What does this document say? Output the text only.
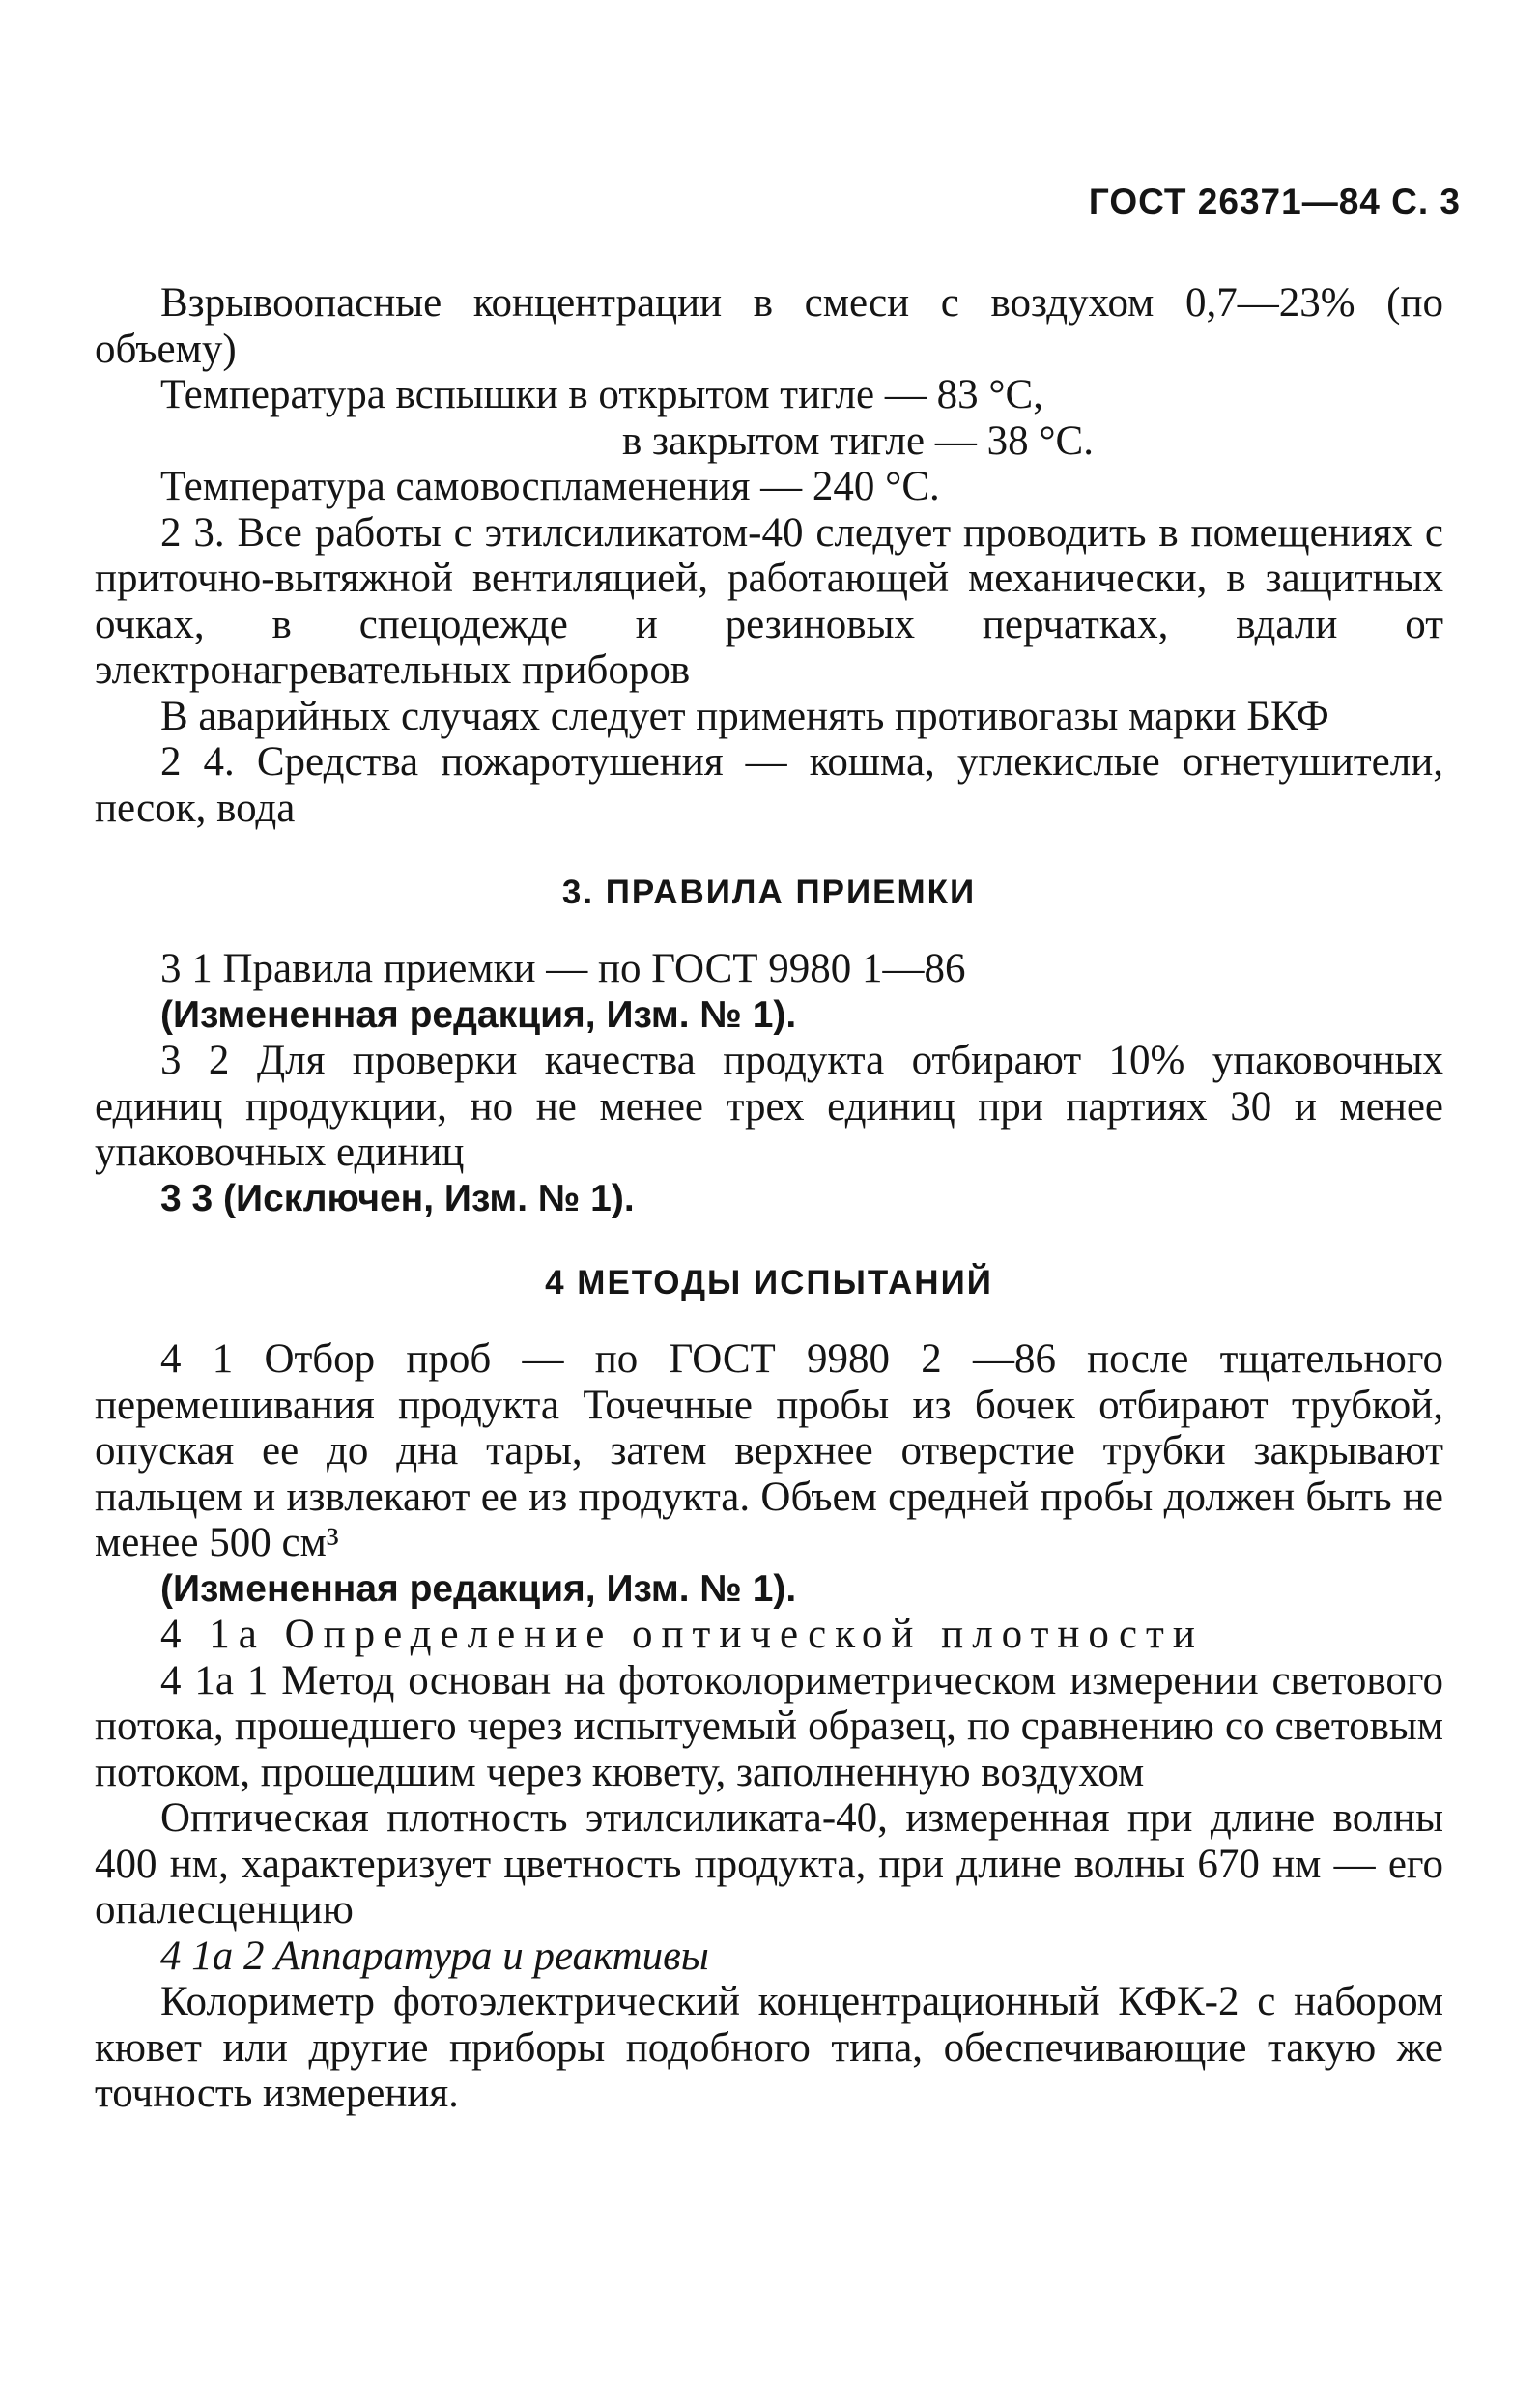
ГОСТ 26371—84 С. 3

Взрывоопасные концентрации в смеси с воздухом 0,7—23% (по объему)

Температура вспышки в открытом тигле — 83 °С,

в закрытом тигле — 38 °С.

Температура самовоспламенения — 240 °С.

2 3. Все работы с этилсиликатом-40 следует проводить в помещениях с приточно-вытяжной вентиляцией, работающей механически, в защитных очках, в спецодежде и резиновых перчатках, вдали от электронагревательных приборов

В аварийных случаях следует применять противогазы марки БКФ

2 4. Средства пожаротушения — кошма, углекислые огнетушители, песок, вода

3. ПРАВИЛА ПРИЕМКИ

3 1 Правила приемки — по ГОСТ 9980 1—86

(Измененная редакция, Изм. № 1).

3 2 Для проверки качества продукта отбирают 10% упаковочных единиц продукции, но не менее трех единиц при партиях 30 и менее упаковочных единиц

3 3 (Исключен, Изм. № 1).

4 МЕТОДЫ ИСПЫТАНИЙ

4 1 Отбор проб — по ГОСТ 9980 2 —86 после тщательного перемешивания продукта Точечные пробы из бочек отбирают трубкой, опуская ее до дна тары, затем верхнее отверстие трубки закрывают пальцем и извлекают ее из продукта. Объем средней пробы должен быть не менее 500 см³

(Измененная редакция, Изм. № 1).

4 1а Определение оптической плотности

4 1а 1 Метод основан на фотоколориметрическом измерении светового потока, прошедшего через испытуемый образец, по сравнению со световым потоком, прошедшим через кювету, заполненную воздухом

Оптическая плотность этилсиликата-40, измеренная при длине волны 400 нм, характеризует цветность продукта, при длине волны 670 нм — его опалесценцию

4 1а 2 Аппаратура и реактивы

Колориметр фотоэлектрический концентрационный КФК-2 с набором кювет или другие приборы подобного типа, обеспечивающие такую же точность измерения.
